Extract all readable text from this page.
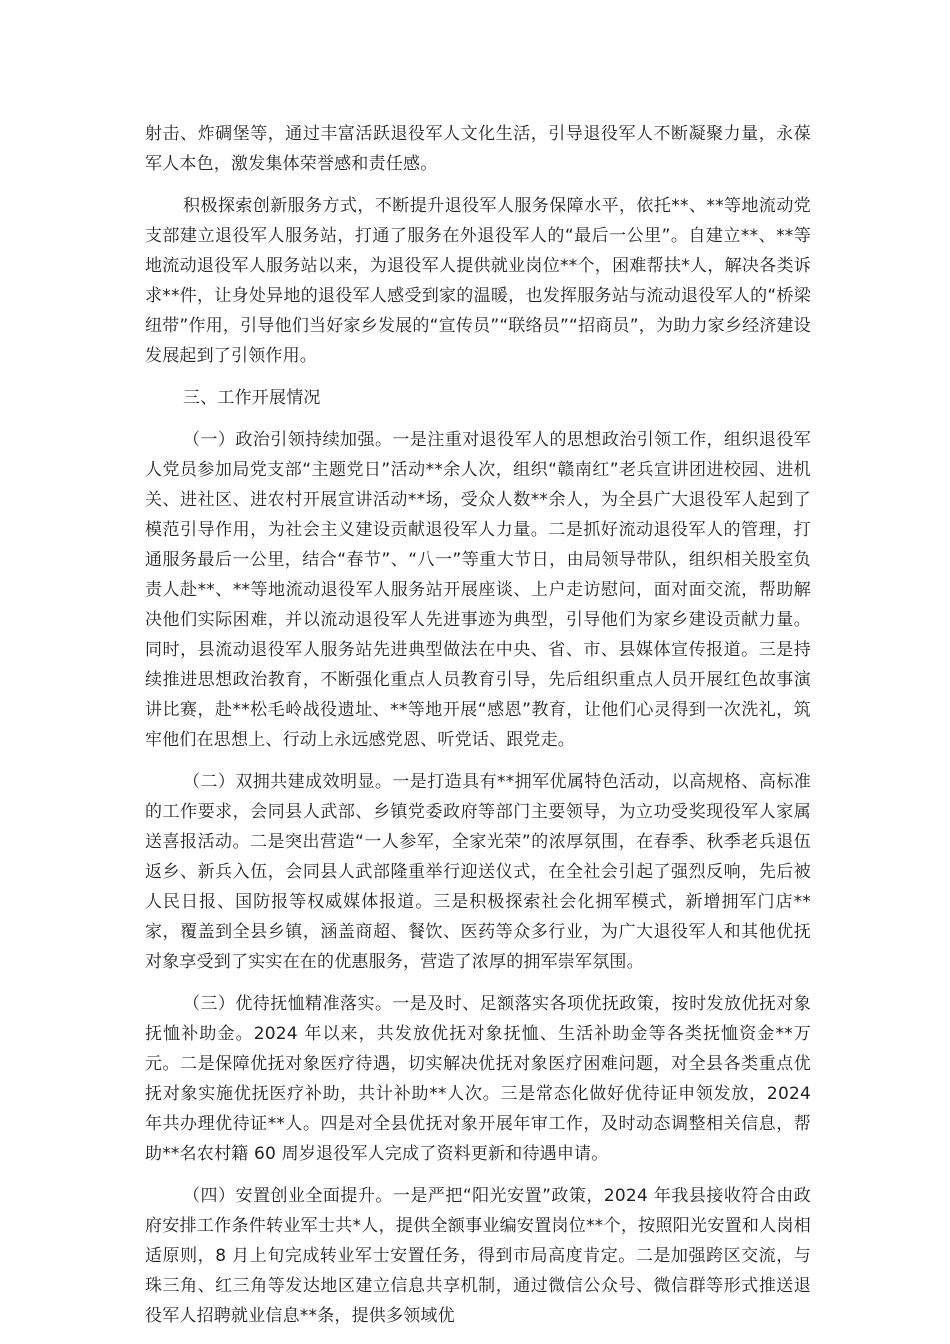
射击、炸碉堡等，通过丰富活跃退役军人文化生活，引导退役军人不断凝聚力量，永葆军人本色，激发集体荣誉感和责任感。

积极探索创新服务方式，不断提升退役军人服务保障水平，依托**、**等地流动党支部建立退役军人服务站，打通了服务在外退役军人的“最后一公里”。自建立**、**等地流动退役军人服务站以来，为退役军人提供就业岗位**个，困难帮扶*人，解决各类诉求**件，让身处异地的退役军人感受到家的温暖，也发挥服务站与流动退役军人的“桥梁纽带”作用，引导他们当好家乡发展的“宣传员”“联络员”“招商员”，为助力家乡经济建设发展起到了引领作用。

三、工作开展情况

（一）政治引领持续加强。一是注重对退役军人的思想政治引领工作，组织退役军人党员参加局党支部“主题党日”活动**余人次，组织“赣南红”老兵宣讲团进校园、进机关、进社区、进农村开展宣讲活动**场，受众人数**余人，为全县广大退役军人起到了模范引导作用，为社会主义建设贡献退役军人力量。二是抓好流动退役军人的管理，打通服务最后一公里，结合“春节”、“八一”等重大节日，由局领导带队，组织相关股室负责人赴**、**等地流动退役军人服务站开展座谈、上户走访慰问，面对面交流，帮助解决他们实际困难，并以流动退役军人先进事迹为典型，引导他们为家乡建设贡献力量。同时，县流动退役军人服务站先进典型做法在中央、省、市、县媒体宣传报道。三是持续推进思想政治教育，不断强化重点人员教育引导，先后组织重点人员开展红色故事演讲比赛，赴**松毛岭战役遗址、**等地开展“感恩”教育，让他们心灵得到一次洗礼，筑牢他们在思想上、行动上永远感党恩、听党话、跟党走。

（二）双拥共建成效明显。一是打造具有**拥军优属特色活动，以高规格、高标准的工作要求，会同县人武部、乡镇党委政府等部门主要领导，为立功受奖现役军人家属送喜报活动。二是突出营造“一人参军，全家光荣”的浓厚氛围，在春季、秋季老兵退伍返乡、新兵入伍，会同县人武部隆重举行迎送仪式，在全社会引起了强烈反响，先后被人民日报、国防报等权威媒体报道。三是积极探索社会化拥军模式，新增拥军门店**家，覆盖到全县乡镇，涵盖商超、餐饮、医药等众多行业，为广大退役军人和其他优抚对象享受到了实实在在的优惠服务，营造了浓厚的拥军崇军氛围。

（三）优待抚恤精准落实。一是及时、足额落实各项优抚政策，按时发放优抚对象抚恤补助金。2024 年以来，共发放优抚对象抚恤、生活补助金等各类抚恤资金**万元。二是保障优抚对象医疗待遇，切实解决优抚对象医疗困难问题，对全县各类重点优抚对象实施优抚医疗补助，共计补助**人次。三是常态化做好优待证申领发放，2024 年共办理优待证**人。四是对全县优抚对象开展年审工作，及时动态调整相关信息，帮助**名农村籍 60 周岁退役军人完成了资料更新和待遇申请。

（四）安置创业全面提升。一是严把“阳光安置”政策，2024 年我县接收符合由政府安排工作条件转业军士共*人，提供全额事业编安置岗位**个，按照阳光安置和人岗相适原则，8 月上旬完成转业军士安置任务，得到市局高度肯定。二是加强跨区交流，与珠三角、红三角等发达地区建立信息共享机制，通过微信公众号、微信群等形式推送退役军人招聘就业信息**条，提供多领域优
